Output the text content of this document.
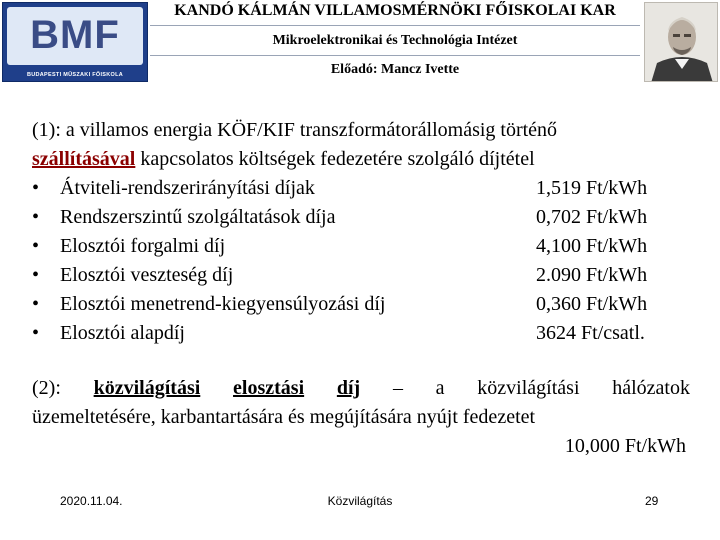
BMF
BUDAPESTI MŰSZAKI FŐISKOLA
KANDÓ KÁLMÁN VILLAMOSMÉRNÖKI FŐISKOLAI KAR
Mikroelektronikai és Technológia Intézet
Előadó: Mancz Ivette

(1): a villamos energia KÖF/KIF transzformátorállomásig történő
szállításával kapcsolatos költségek fedezetére szolgáló díjtétel

• Átviteli-rendszerirányítási díjak	1,519 Ft/kWh
• Rendszerszintű szolgáltatások díja	0,702 Ft/kWh
• Elosztói forgalmi díj	4,100 Ft/kWh
• Elosztói veszteség díj	2.090 Ft/kWh
• Elosztói menetrend-kiegyensúlyozási díj	0,360 Ft/kWh
• Elosztói alapdíj	3624 Ft/csatl.
(2): közvilágítási elosztási díj – a közvilágítási hálózatok
üzemeltetésére, karbantartására és megújítására nyújt fedezetet
10,000 Ft/kWh
2020.11.04.	Közvilágítás	29
